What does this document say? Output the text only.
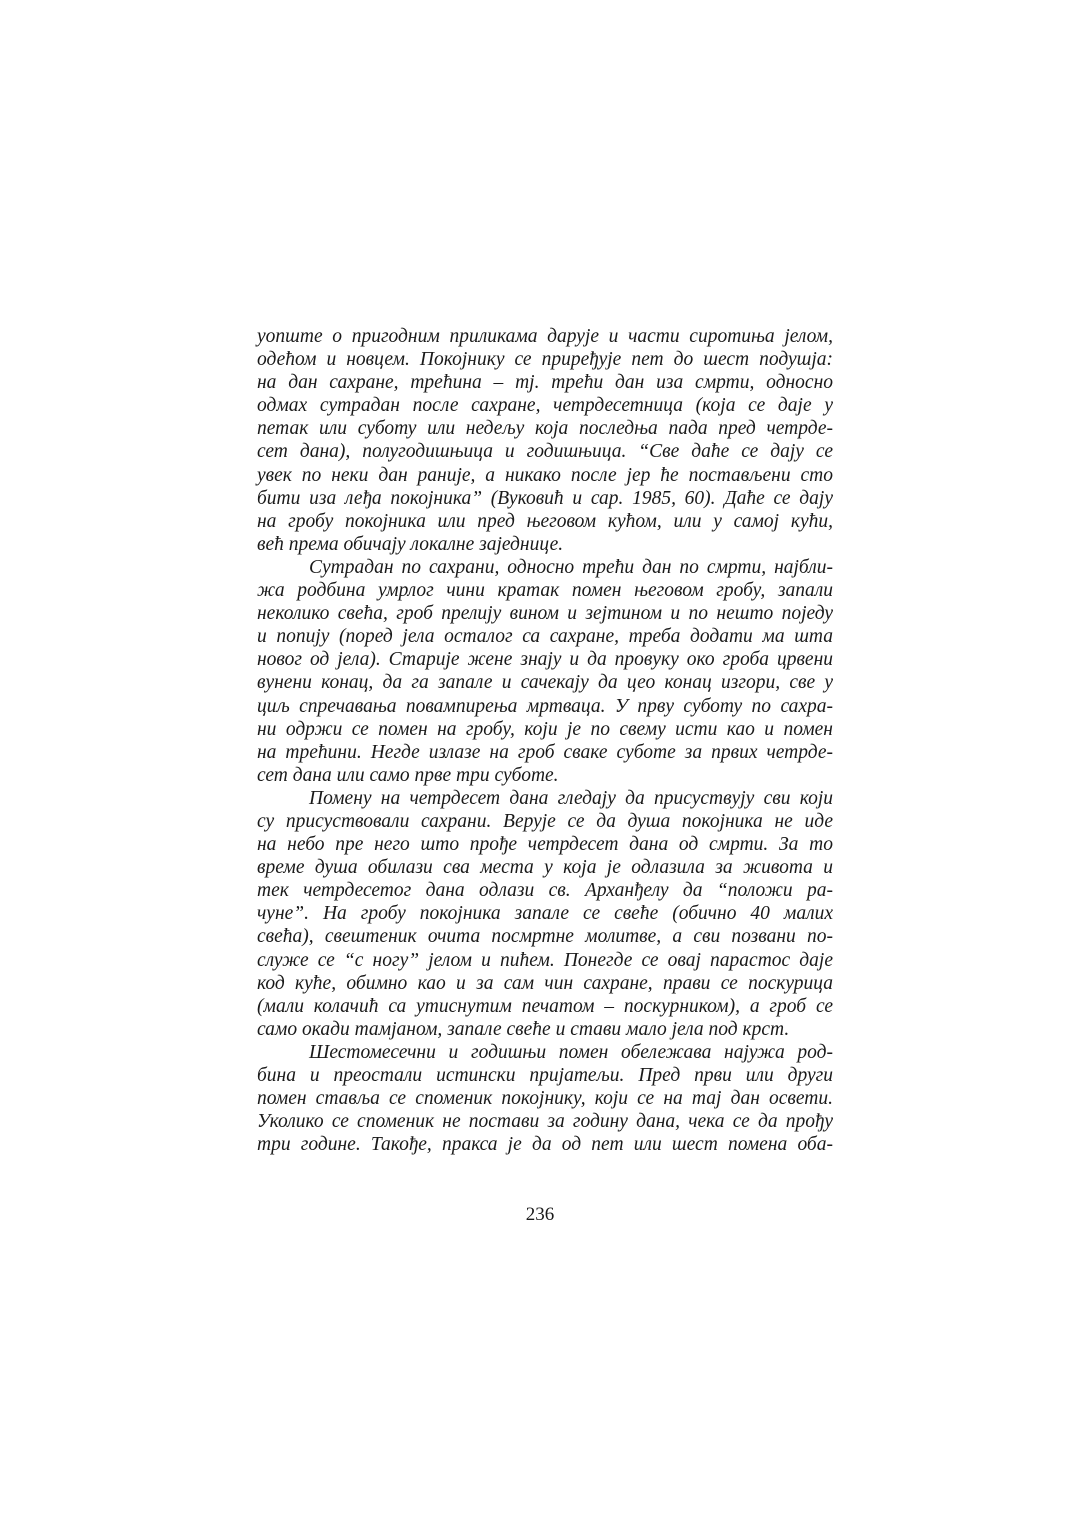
уопште о пригодним приликама дарује и части сиротиња јелом,
одећом и новцем. Покојнику се приређује пет до шест подушја:
на дан сахране, трећина – тј. трећи дан иза смрти, односно
одмах сутрадан после сахране, четрдесетница (која се даје у
петак или суботу или недељу која последња пада пред четрде-
сет дана), полугодишњица и годишњица. “Све даће се дају се
увек по неки дан раније, а никако после јер ће постављени сто
бити иза леђа покојника” (Вуковић и сар. 1985, 60). Даће се дају
на гробу покојника или пред његовом кућом, или у самој кући,
већ према обичају локалне заједнице.
Сутрадан по сахрани, односно трећи дан по смрти, најбли-
жа родбина умрлог чини кратак помен његовом гробу, запали
неколико свећа, гроб прелију вином и зејтином и по нешто поједу
и попију (поред јела осталог са сахране, треба додати ма шта
новог од јела). Старије жене знају и да провуку око гроба црвени
вунени конац, да га запале и сачекају да цео конац изгори, све у
циљ спречавања повампирења мртваца. У прву суботу по сахра-
ни одржи се помен на гробу, који је по свему исти као и помен
на трећини. Негде излазе на гроб сваке суботе за првих четрде-
сет дана или само прве три суботе.
Помену на четрдесет дана гледају да присуствују сви који
су присуствовали сахрани. Верује се да душа покојника не иде
на небо пре него што прође четрдесет дана од смрти. За то
време душа обилази сва места у која је одлазила за живота и
тек четрдесетог дана одлази св. Арханђелу да “положи ра-
чуне”. На гробу покојника запале се свеће (обично 40 малих
свећа), свештеник очита посмртне молитве, а сви позвани по-
служе се “с ногу” јелом и пићем. Понегде се овај парастос даје
код куће, обимно као и за сам чин сахране, прави се поскурица
(мали колачић са утиснутим печатом – поскурником), а гроб се
само окади тамјаном, запале свеће и стави мало јела под крст.
Шестомесечни и годишњи помен обележава најужа род-
бина и преостали истински пријатељи. Пред први или други
помен ставља се споменик покојнику, који се на тај дан освети.
Уколико се споменик не постави за годину дана, чека се да прођу
три године. Такође, пракса је да од пет или шест помена оба-
236
